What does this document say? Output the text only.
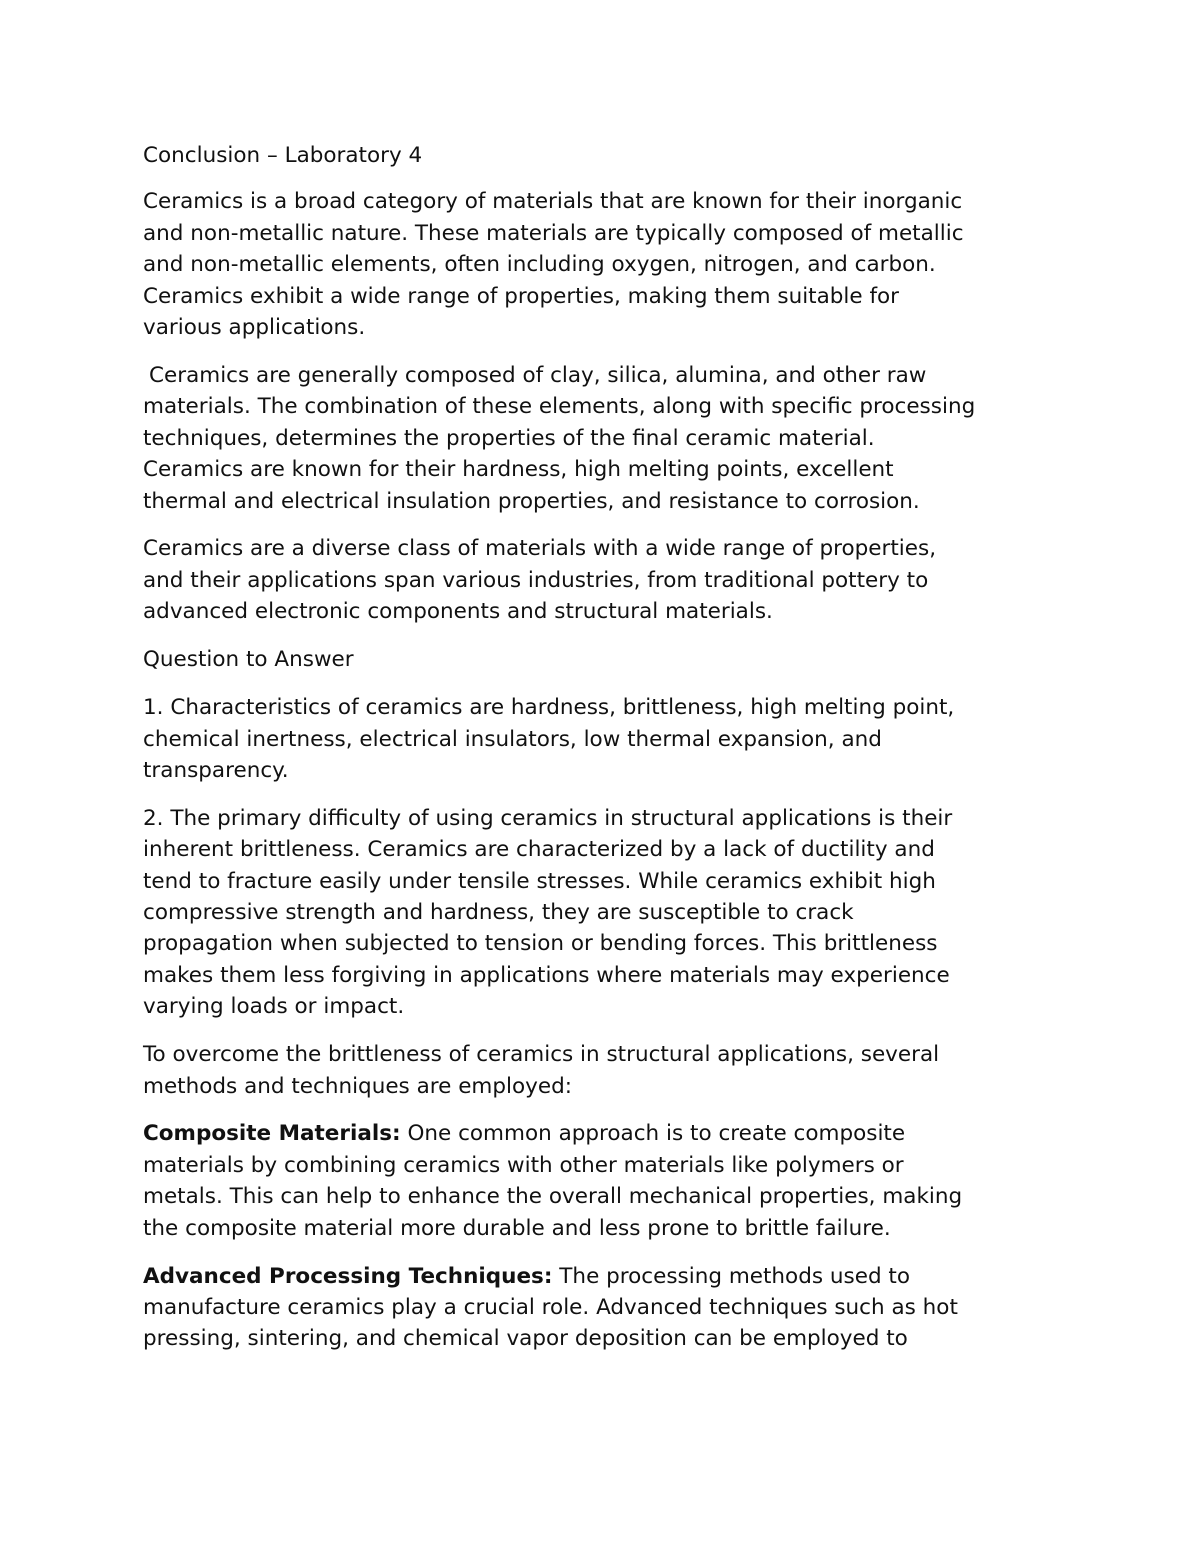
Conclusion – Laboratory 4

Ceramics is a broad category of materials that are known for their inorganic
and non-metallic nature. These materials are typically composed of metallic
and non-metallic elements, often including oxygen, nitrogen, and carbon.
Ceramics exhibit a wide range of properties, making them suitable for
various applications.

Ceramics are generally composed of clay, silica, alumina, and other raw
materials. The combination of these elements, along with specific processing
techniques, determines the properties of the final ceramic material.
Ceramics are known for their hardness, high melting points, excellent
thermal and electrical insulation properties, and resistance to corrosion.

Ceramics are a diverse class of materials with a wide range of properties,
and their applications span various industries, from traditional pottery to
advanced electronic components and structural materials.

Question to Answer

1. Characteristics of ceramics are hardness, brittleness, high melting point,
chemical inertness, electrical insulators, low thermal expansion, and
transparency.

2. The primary difficulty of using ceramics in structural applications is their
inherent brittleness. Ceramics are characterized by a lack of ductility and
tend to fracture easily under tensile stresses. While ceramics exhibit high
compressive strength and hardness, they are susceptible to crack
propagation when subjected to tension or bending forces. This brittleness
makes them less forgiving in applications where materials may experience
varying loads or impact.

To overcome the brittleness of ceramics in structural applications, several
methods and techniques are employed:

Composite Materials: One common approach is to create composite
materials by combining ceramics with other materials like polymers or
metals. This can help to enhance the overall mechanical properties, making
the composite material more durable and less prone to brittle failure.

Advanced Processing Techniques: The processing methods used to
manufacture ceramics play a crucial role. Advanced techniques such as hot
pressing, sintering, and chemical vapor deposition can be employed to
